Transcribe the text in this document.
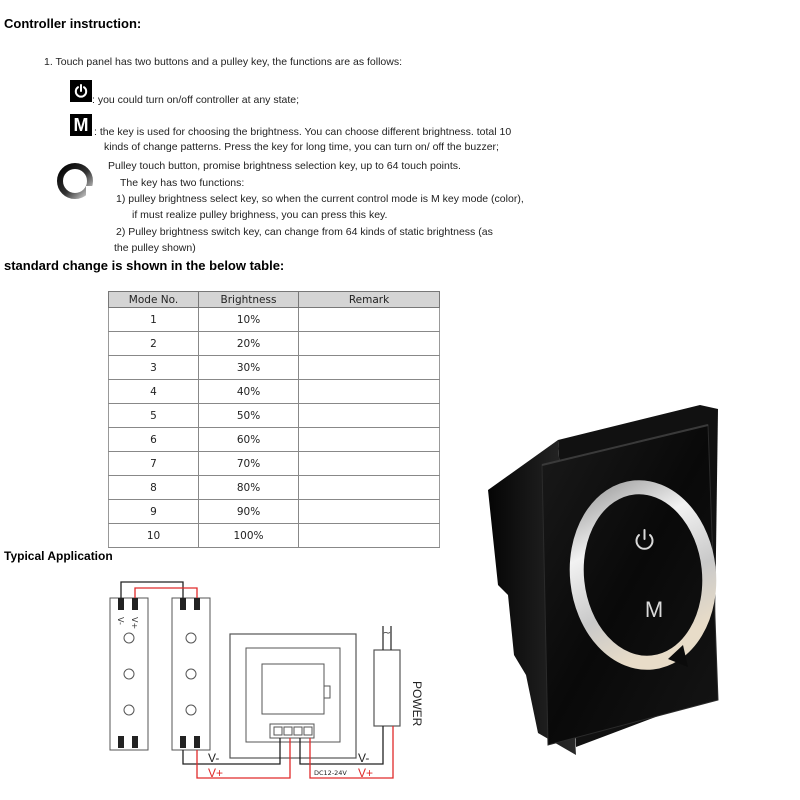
Controller instruction:
1. Touch panel has two buttons and a pulley key, the functions are as follows:
: you could turn on/off controller at any state;
M : the key is used for choosing the brightness. You can choose different brightness. total 10
kinds of change patterns. Press the key for long time, you can turn on/ off the buzzer;
Pulley touch button, promise brightness selection key, up to 64 touch points.
The key has two functions:
1) pulley brightness select key, so when the current control mode is M key mode (color),
if must realize pulley brighness, you can press this key.
2) Pulley brightness switch key, can change from 64 kinds of static brightness (as
the pulley shown)
standard change is shown in the below table:
Mode No.	Brightness	Remark
1	10%	
2	20%	
3	30%	
4	40%	
5	50%	
6	60%	
7	70%	
8	80%	
9	90%	
10	100%	
Typical Application
V- V+
~
POWER
V-
V+
V-
V+
DC12-24V
M
